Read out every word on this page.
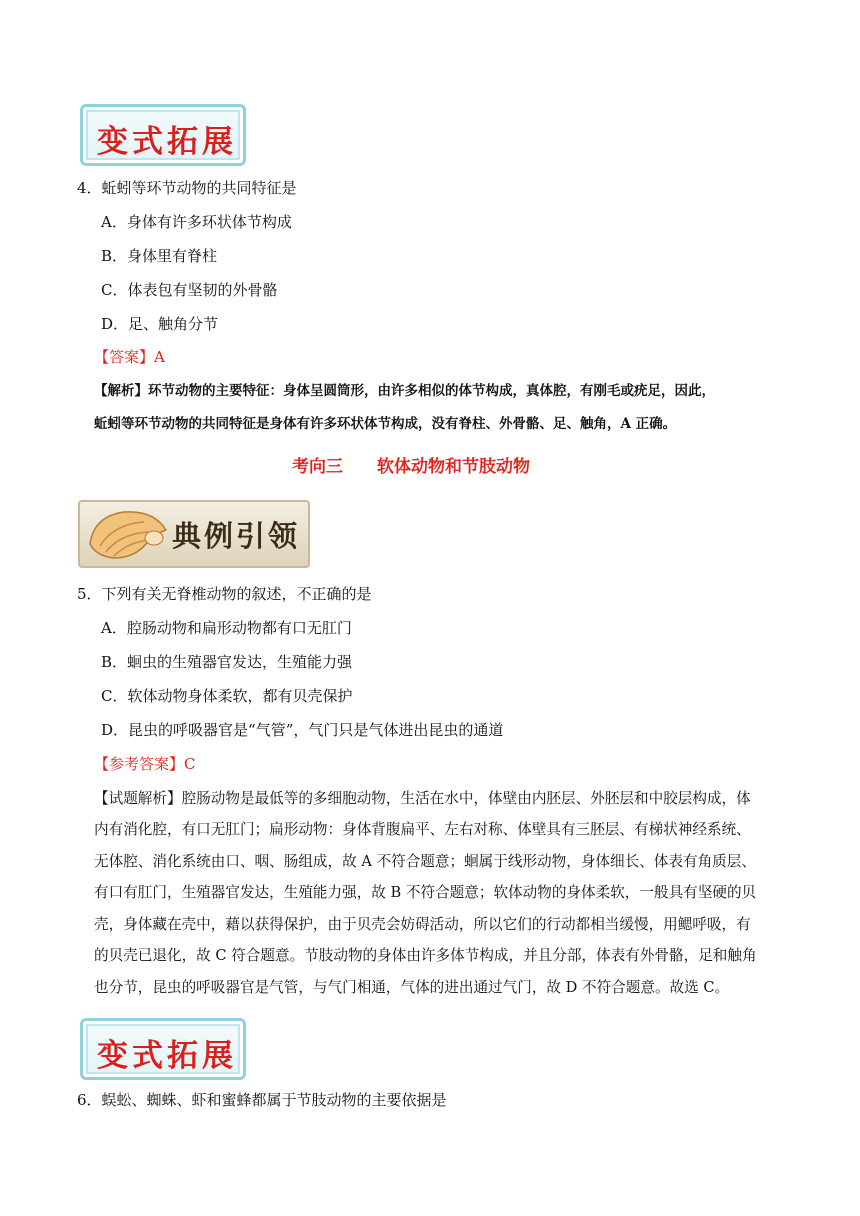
变式拓展
4．蚯蚓等环节动物的共同特征是
A．身体有许多环状体节构成
B．身体里有脊柱
C．体表包有坚韧的外骨骼
D．足、触角分节
【答案】A
【解析】环节动物的主要特征：身体呈圆筒形，由许多相似的体节构成，真体腔，有刚毛或疣足，因此，
蚯蚓等环节动物的共同特征是身体有许多环状体节构成，没有脊柱、外骨骼、足、触角，A 正确。
考向三　　软体动物和节肢动物
典例引领
5．下列有关无脊椎动物的叙述，不正确的是
A．腔肠动物和扁形动物都有口无肛门
B．蛔虫的生殖器官发达，生殖能力强
C．软体动物身体柔软，都有贝壳保护
D．昆虫的呼吸器官是“气管”，气门只是气体进出昆虫的通道
【参考答案】C
【试题解析】腔肠动物是最低等的多细胞动物，生活在水中，体壁由内胚层、外胚层和中胶层构成，体
内有消化腔，有口无肛门；扁形动物：身体背腹扁平、左右对称、体壁具有三胚层、有梯状神经系统、
无体腔、消化系统由口、咽、肠组成，故 A 不符合题意；蛔属于线形动物，身体细长、体表有角质层、
有口有肛门，生殖器官发达，生殖能力强，故 B 不符合题意；软体动物的身体柔软，一般具有坚硬的贝
壳，身体藏在壳中，藉以获得保护，由于贝壳会妨碍活动，所以它们的行动都相当缓慢，用鳃呼吸，有
的贝壳已退化，故 C 符合题意。节肢动物的身体由许多体节构成，并且分部，体表有外骨骼，足和触角
也分节，昆虫的呼吸器官是气管，与气门相通，气体的进出通过气门，故 D 不符合题意。故选 C。
变式拓展
6．蜈蚣、蜘蛛、虾和蜜蜂都属于节肢动物的主要依据是
